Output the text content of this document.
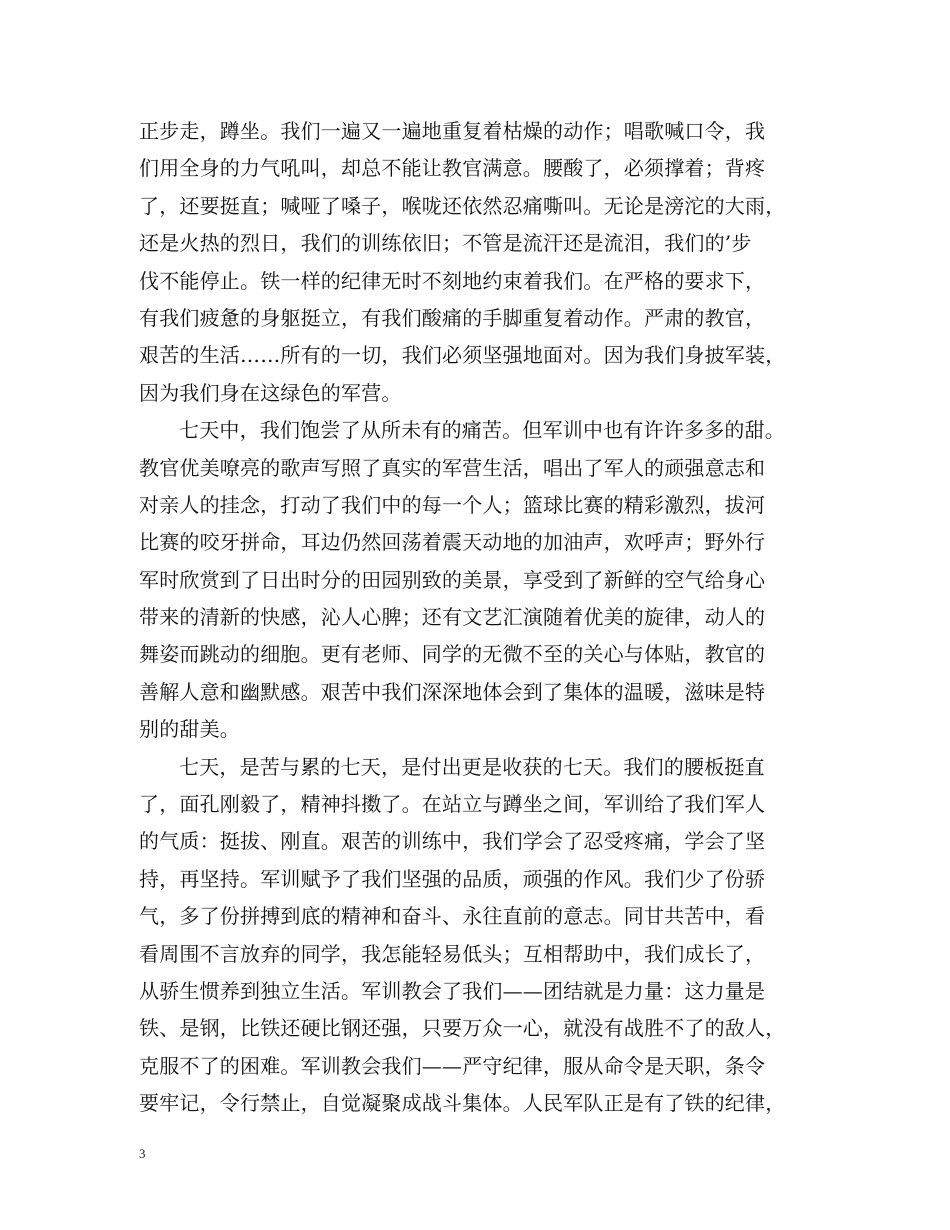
正步走，蹲坐。我们一遍又一遍地重复着枯燥的动作；唱歌喊口令，我
们用全身的力气吼叫，却总不能让教官满意。腰酸了，必须撑着；背疼
了，还要挺直；喊哑了嗓子，喉咙还依然忍痛嘶叫。无论是滂沱的大雨，
还是火热的烈日，我们的训练依旧；不管是流汗还是流泪，我们的’步
伐不能停止。铁一样的纪律无时不刻地约束着我们。在严格的要求下，
有我们疲惫的身躯挺立，有我们酸痛的手脚重复着动作。严肃的教官，
艰苦的生活……所有的一切，我们必须坚强地面对。因为我们身披军装，
因为我们身在这绿色的军营。
七天中，我们饱尝了从所未有的痛苦。但军训中也有许许多多的甜。
教官优美嘹亮的歌声写照了真实的军营生活，唱出了军人的顽强意志和
对亲人的挂念，打动了我们中的每一个人；篮球比赛的精彩激烈，拔河
比赛的咬牙拼命，耳边仍然回荡着震天动地的加油声，欢呼声；野外行
军时欣赏到了日出时分的田园别致的美景，享受到了新鲜的空气给身心
带来的清新的快感，沁人心脾；还有文艺汇演随着优美的旋律，动人的
舞姿而跳动的细胞。更有老师、同学的无微不至的关心与体贴，教官的
善解人意和幽默感。艰苦中我们深深地体会到了集体的温暖，滋味是特
别的甜美。
七天，是苦与累的七天，是付出更是收获的七天。我们的腰板挺直
了，面孔刚毅了，精神抖擞了。在站立与蹲坐之间，军训给了我们军人
的气质：挺拔、刚直。艰苦的训练中，我们学会了忍受疼痛，学会了坚
持，再坚持。军训赋予了我们坚强的品质，顽强的作风。我们少了份骄
气，多了份拼搏到底的精神和奋斗、永往直前的意志。同甘共苦中，看
看周围不言放弃的同学，我怎能轻易低头；互相帮助中，我们成长了，
从骄生惯养到独立生活。军训教会了我们——团结就是力量：这力量是
铁、是钢，比铁还硬比钢还强，只要万众一心，就没有战胜不了的敌人，
克服不了的困难。军训教会我们——严守纪律，服从命令是天职，条令
要牢记，令行禁止，自觉凝聚成战斗集体。人民军队正是有了铁的纪律，
3
